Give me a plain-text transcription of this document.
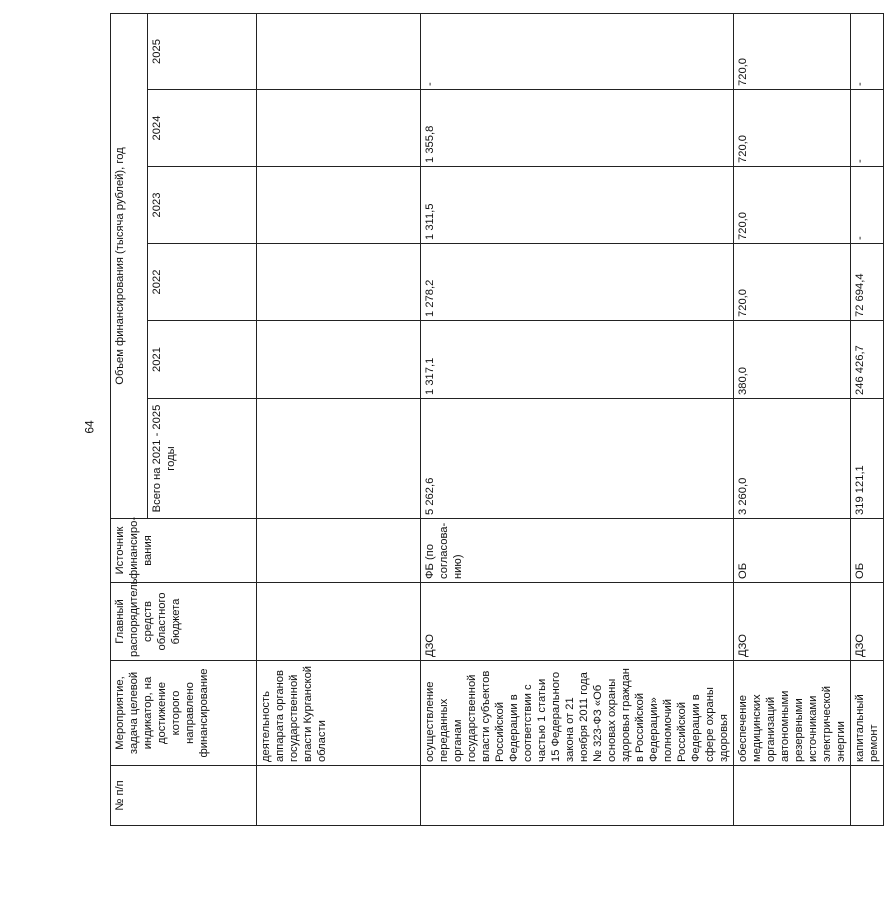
64
№ п/п	Мероприятие, задача целевой индикатор, на достижение которого направлено финансирование	Главный распорядитель средств областного бюджета	Источник финансиро-вания	Объем финансирования (тысяча рублей), год					
				Всего на 2021 - 2025 годы	2021	2022	2023	2024	2025
	деятельность аппарата органов государственной власти Курганской области								
	осуществление переданных органам государственной власти субъектов Российской Федерации в соответствии с частью 1 статьи 15 Федерального закона от 21 ноября 2011 года № 323-ФЗ «Об основах охраны здоровья граждан в Российской Федерации» полномочий Российской Федерации в сфере охраны здоровья	ДЗО	ФБ (по согласова-нию)	5 262,6	1 317,1	1 278,2	1 311,5	1 355,8	-
	обеспечение медицинских организаций автономными резервными источниками электрической энергии	ДЗО	ОБ	3 260,0	380,0	720,0	720,0	720,0	720,0
	капитальный ремонт	ДЗО	ОБ	319 121,1	246 426,7	72 694,4	-	-	-
